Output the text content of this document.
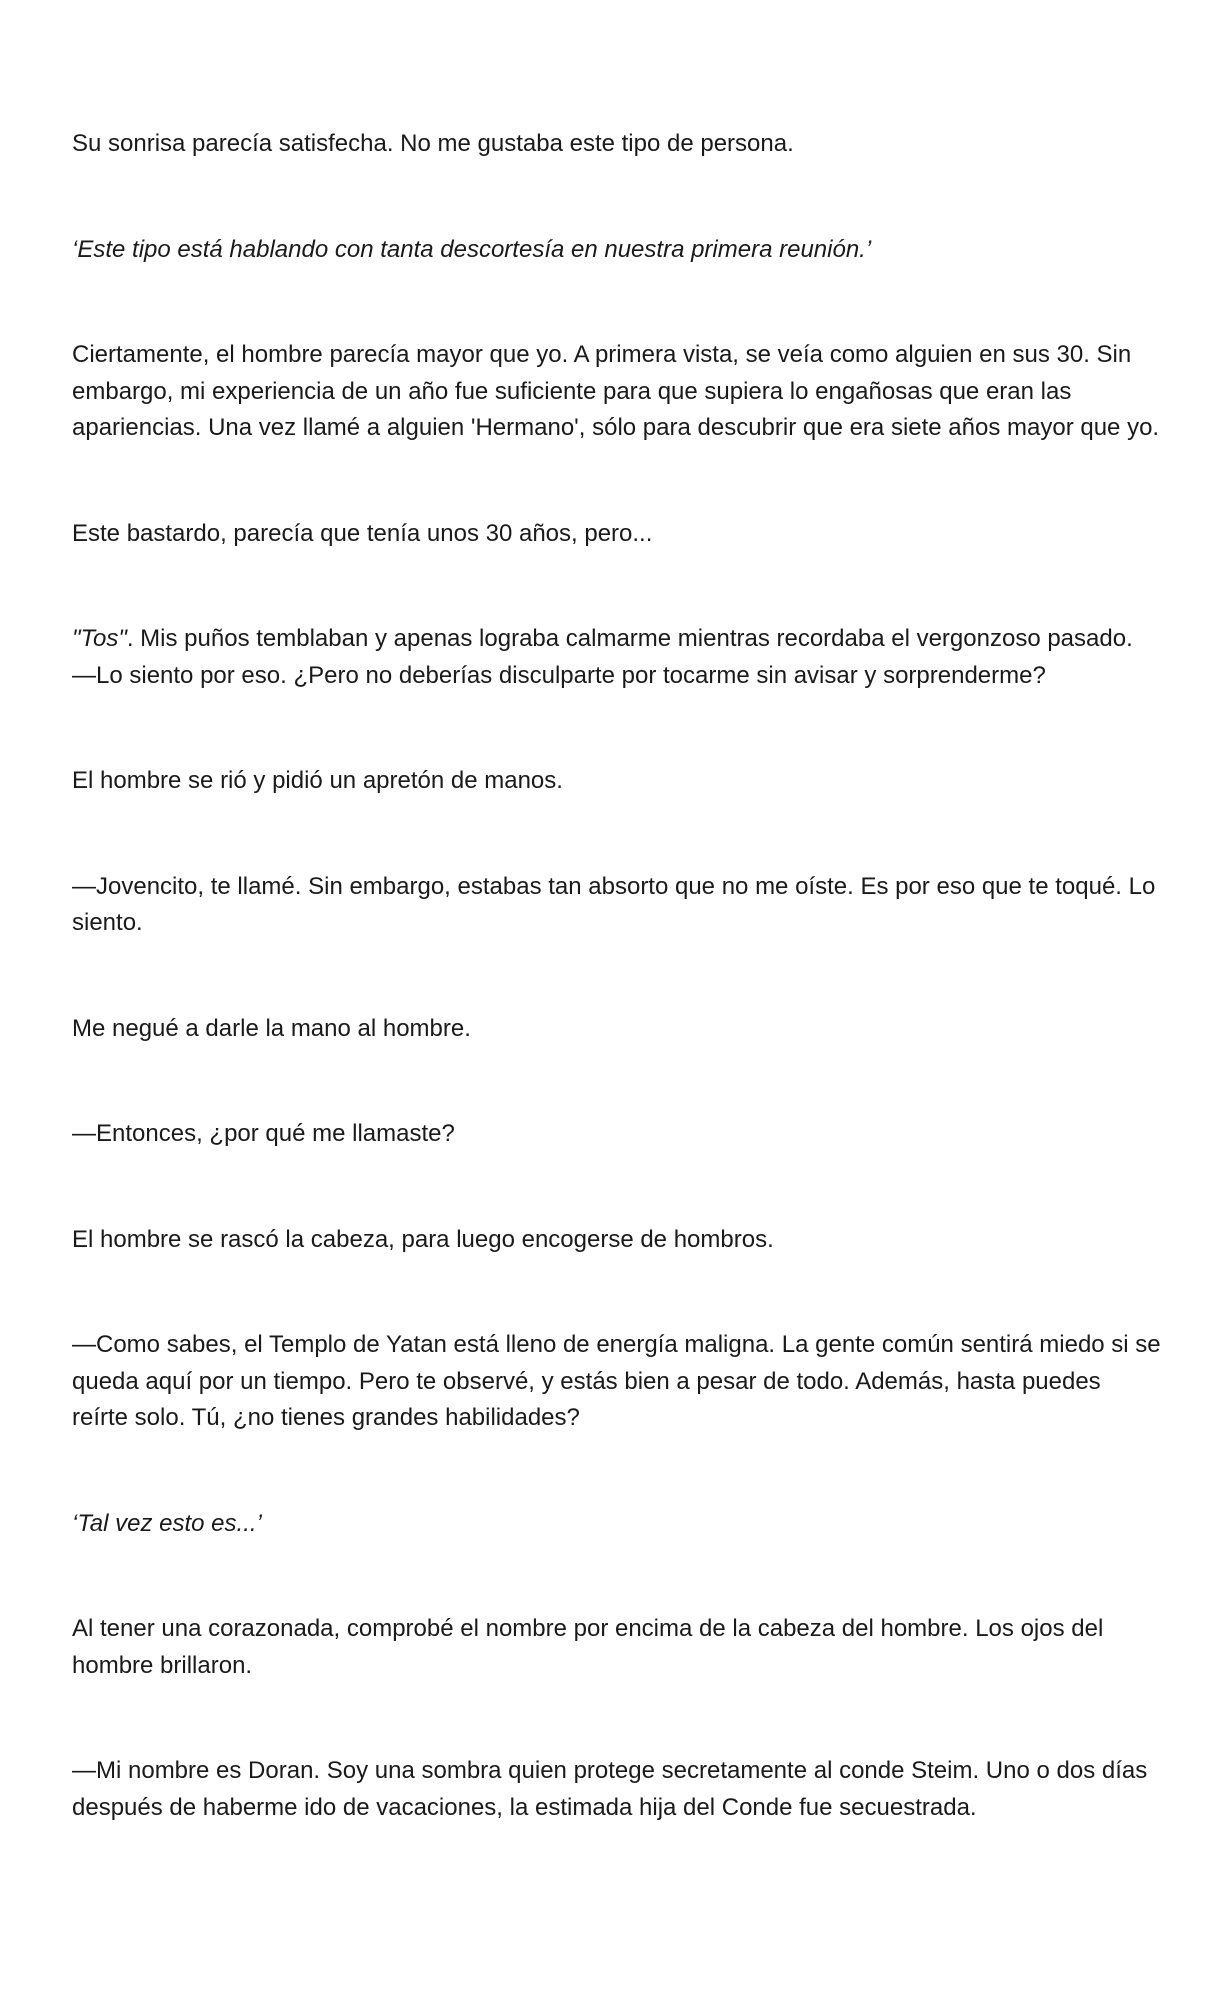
Su sonrisa parecía satisfecha. No me gustaba este tipo de persona.

‘Este tipo está hablando con tanta descortesía en nuestra primera reunión.’

Ciertamente, el hombre parecía mayor que yo. A primera vista, se veía como alguien en sus 30. Sin embargo, mi experiencia de un año fue suficiente para que supiera lo engañosas que eran las apariencias. Una vez llamé a alguien 'Hermano', sólo para descubrir que era siete años mayor que yo.

Este bastardo, parecía que tenía unos 30 años, pero...

"Tos". Mis puños temblaban y apenas lograba calmarme mientras recordaba el vergonzoso pasado. —Lo siento por eso. ¿Pero no deberías disculparte por tocarme sin avisar y sorprenderme?

El hombre se rió y pidió un apretón de manos.

—Jovencito, te llamé. Sin embargo, estabas tan absorto que no me oíste. Es por eso que te toqué. Lo siento.

Me negué a darle la mano al hombre.

—Entonces, ¿por qué me llamaste?

El hombre se rascó la cabeza, para luego encogerse de hombros.

—Como sabes, el Templo de Yatan está lleno de energía maligna. La gente común sentirá miedo si se queda aquí por un tiempo. Pero te observé, y estás bien a pesar de todo. Además, hasta puedes reírte solo. Tú, ¿no tienes grandes habilidades?

‘Tal vez esto es...’

Al tener una corazonada, comprobé el nombre por encima de la cabeza del hombre. Los ojos del hombre brillaron.

—Mi nombre es Doran. Soy una sombra quien protege secretamente al conde Steim. Uno o dos días después de haberme ido de vacaciones, la estimada hija del Conde fue secuestrada.
